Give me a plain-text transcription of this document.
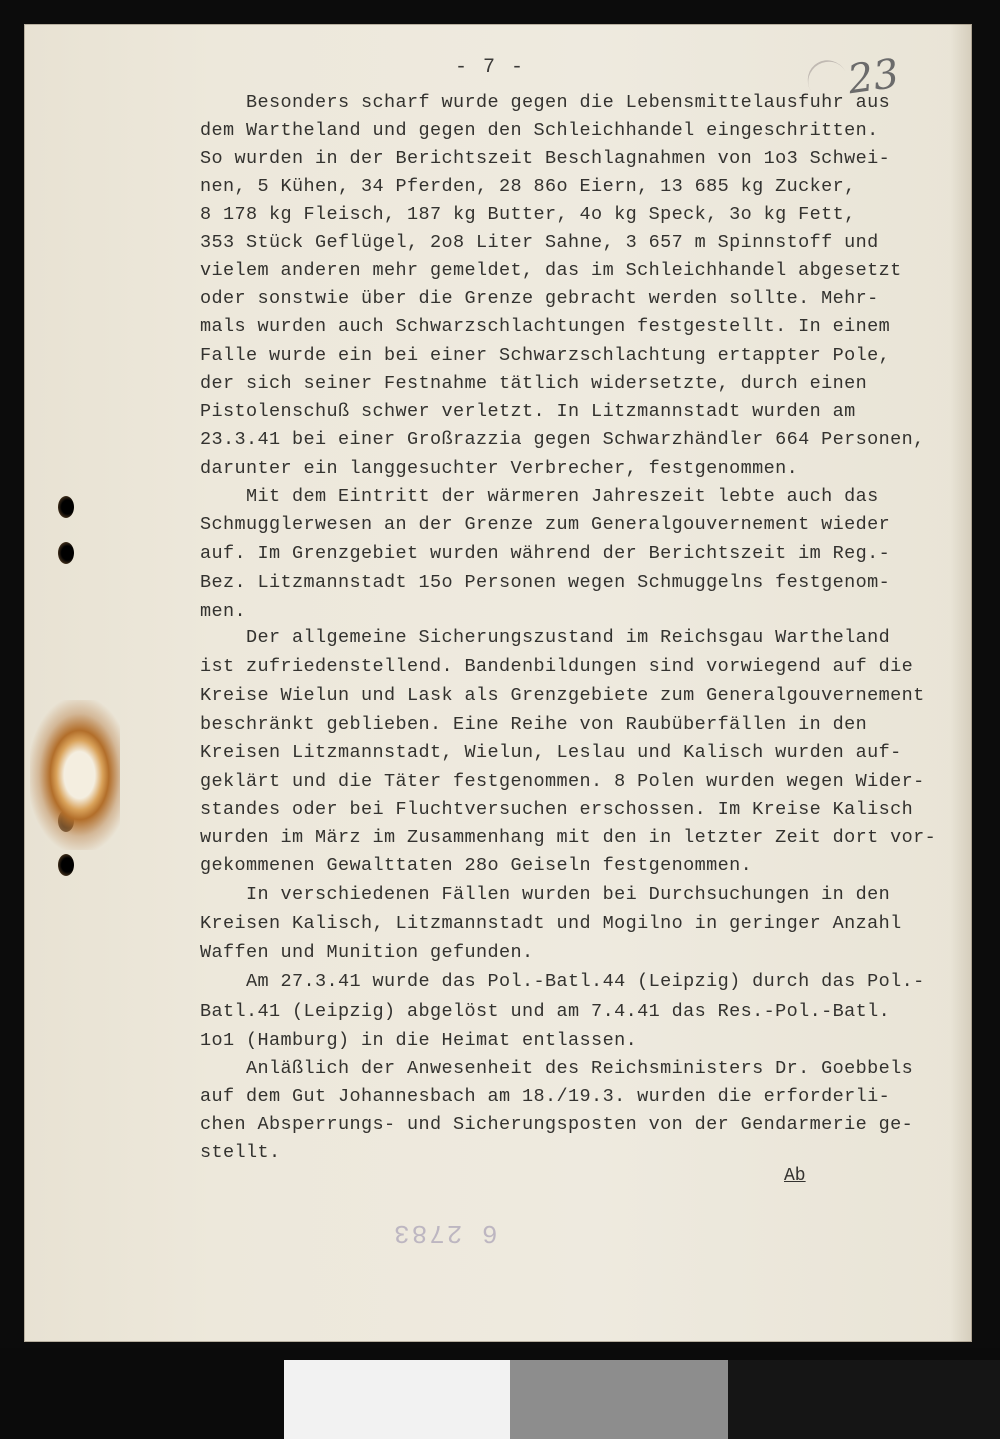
23
- 7 -
6 2783
Besonders scharf wurde gegen die Lebensmittelausfuhr aus
dem Wartheland und gegen den Schleichhandel eingeschritten.
So wurden in der Berichtszeit Beschlagnahmen von 1o3 Schwei-
nen, 5 Kühen, 34 Pferden, 28 86o Eiern, 13 685 kg Zucker,
8 178 kg Fleisch, 187 kg Butter, 4o kg Speck, 3o kg Fett,
353 Stück Geflügel, 2o8 Liter Sahne, 3 657 m Spinnstoff und
vielem anderen mehr gemeldet, das im Schleichhandel abgesetzt
oder sonstwie über die Grenze gebracht werden sollte. Mehr-
mals wurden auch Schwarzschlachtungen festgestellt. In einem
Falle wurde ein bei einer Schwarzschlachtung ertappter Pole,
der sich seiner Festnahme tätlich widersetzte, durch einen
Pistolenschuß schwer verletzt. In Litzmannstadt wurden am
23.3.41 bei einer Großrazzia gegen Schwarzhändler 664 Personen,
darunter ein langgesuchter Verbrecher, festgenommen.
Mit dem Eintritt der wärmeren Jahreszeit lebte auch das
Schmugglerwesen an der Grenze zum Generalgouvernement wieder
auf. Im Grenzgebiet wurden während der Berichtszeit im Reg.-
Bez. Litzmannstadt 15o Personen wegen Schmuggelns festgenom-
men.
Der allgemeine Sicherungszustand im Reichsgau Wartheland
ist zufriedenstellend. Bandenbildungen sind vorwiegend auf die
Kreise Wielun und Lask als Grenzgebiete zum Generalgouvernement
beschränkt geblieben. Eine Reihe von Raubüberfällen in den
Kreisen Litzmannstadt, Wielun, Leslau und Kalisch wurden auf-
geklärt und die Täter festgenommen. 8 Polen wurden wegen Wider-
standes oder bei Fluchtversuchen erschossen. Im Kreise Kalisch
wurden im März im Zusammenhang mit den in letzter Zeit dort vor-
gekommenen Gewalttaten 28o Geiseln festgenommen.
In verschiedenen Fällen wurden bei Durchsuchungen in den
Kreisen Kalisch, Litzmannstadt und Mogilno in geringer Anzahl
Waffen und Munition gefunden.
Am 27.3.41 wurde das Pol.-Batl.44 (Leipzig) durch das Pol.-
Batl.41 (Leipzig) abgelöst und am 7.4.41 das Res.-Pol.-Batl.
1o1 (Hamburg) in die Heimat entlassen.
Anläßlich der Anwesenheit des Reichsministers Dr. Goebbels
auf dem Gut Johannesbach am 18./19.3. wurden die erforderli-
chen Absperrungs- und Sicherungsposten von der Gendarmerie ge-
stellt.
Ab
